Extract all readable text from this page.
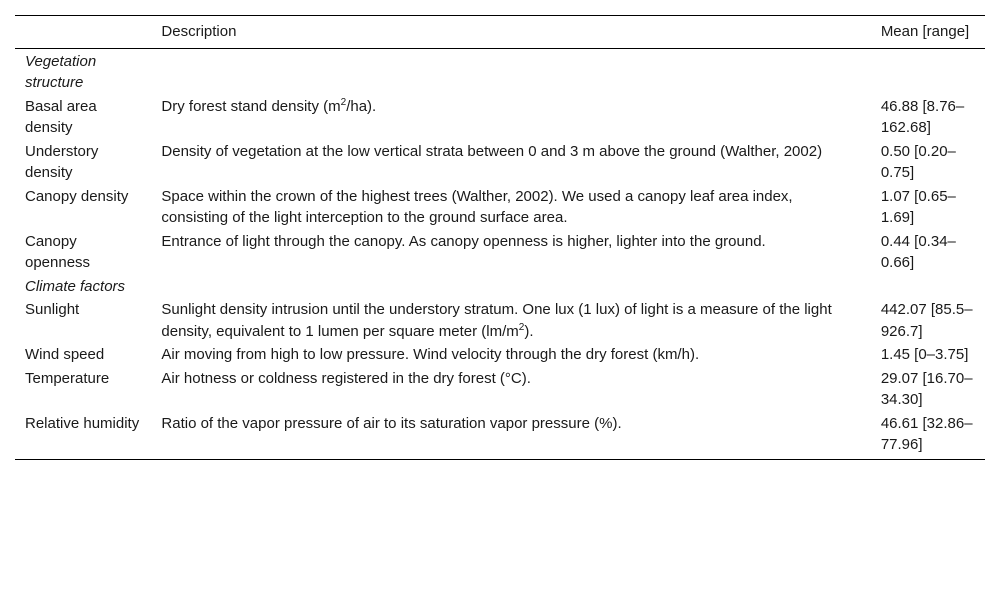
	Description	Mean [range]
Vegetation structure		
Basal area density	Dry forest stand density $(m^2/ha)$.	46.88 [8.76–162.68]
Understory density	Density of vegetation at the low vertical strata between 0 and 3 m above the ground (Walther, 2002)	0.50 [0.20–0.75]
Canopy density	Space within the crown of the highest trees (Walther, 2002). We used a canopy leaf area index, consisting of the light interception to the ground surface area.	1.07 [0.65–1.69]
Canopy openness	Entrance of light through the canopy. As canopy openness is higher, lighter into the ground.	0.44 [0.34–0.66]
Climate factors		
Sunlight	Sunlight density intrusion until the understory stratum. One lux (1 lux) of light is a measure of the light density, equivalent to 1 lumen per square meter $(lm/m^2)$.	442.07 [85.5–926.7]
Wind speed	Air moving from high to low pressure. Wind velocity through the dry forest (km/h).	1.45 [0–3.75]
Temperature	Air hotness or coldness registered in the dry forest (°C).	29.07 [16.70–34.30]
Relative humidity	Ratio of the vapor pressure of air to its saturation vapor pressure (%).	46.61 [32.86–77.96]
